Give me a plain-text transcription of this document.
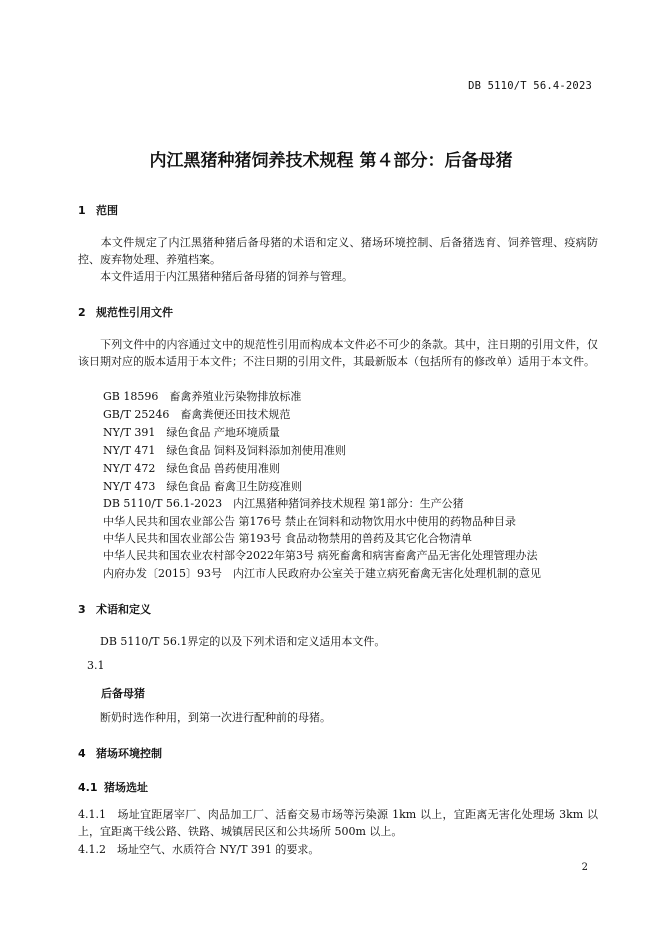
DB 5110/T 56.4-2023
内江黑猪种猪饲养技术规程 第４部分：后备母猪
1 范围
　　本文件规定了内江黑猪种猪后备母猪的术语和定义、猪场环境控制、后备猪选育、饲养管理、疫病防控、废弃物处理、养殖档案。
　　本文件适用于内江黑猪种猪后备母猪的饲养与管理。
2 规范性引用文件
　　下列文件中的内容通过文中的规范性引用而构成本文件必不可少的条款。其中，注日期的引用文件，仅该日期对应的版本适用于本文件；不注日期的引用文件，其最新版本（包括所有的修改单）适用于本文件。
GB 18596　畜禽养殖业污染物排放标准
GB/T 25246　畜禽粪便还田技术规范
NY/T 391　绿色食品 产地环境质量
NY/T 471　绿色食品 饲料及饲料添加剂使用准则
NY/T 472　绿色食品 兽药使用准则
NY/T 473　绿色食品 畜禽卫生防疫准则
DB 5110/T 56.1-2023　内江黑猪种猪饲养技术规程 第1部分：生产公猪
中华人民共和国农业部公告 第176号 禁止在饲料和动物饮用水中使用的药物品种目录
中华人民共和国农业部公告 第193号 食品动物禁用的兽药及其它化合物清单
中华人民共和国农业农村部令2022年第3号 病死畜禽和病害畜禽产品无害化处理管理办法
内府办发〔2015〕93号　内江市人民政府办公室关于建立病死畜禽无害化处理机制的意见
3 术语和定义
　　DB 5110/T 56.1界定的以及下列术语和定义适用本文件。
3.1
后备母猪
　　断奶时选作种用，到第一次进行配种前的母猪。
4 猪场环境控制
4.1 猪场选址
4.1.1　场址宜距屠宰厂、肉品加工厂、活畜交易市场等污染源 1km 以上，宜距离无害化处理场 3km 以上，宜距离干线公路、铁路、城镇居民区和公共场所 500m 以上。
4.1.2　场址空气、水质符合 NY/T 391 的要求。
2
